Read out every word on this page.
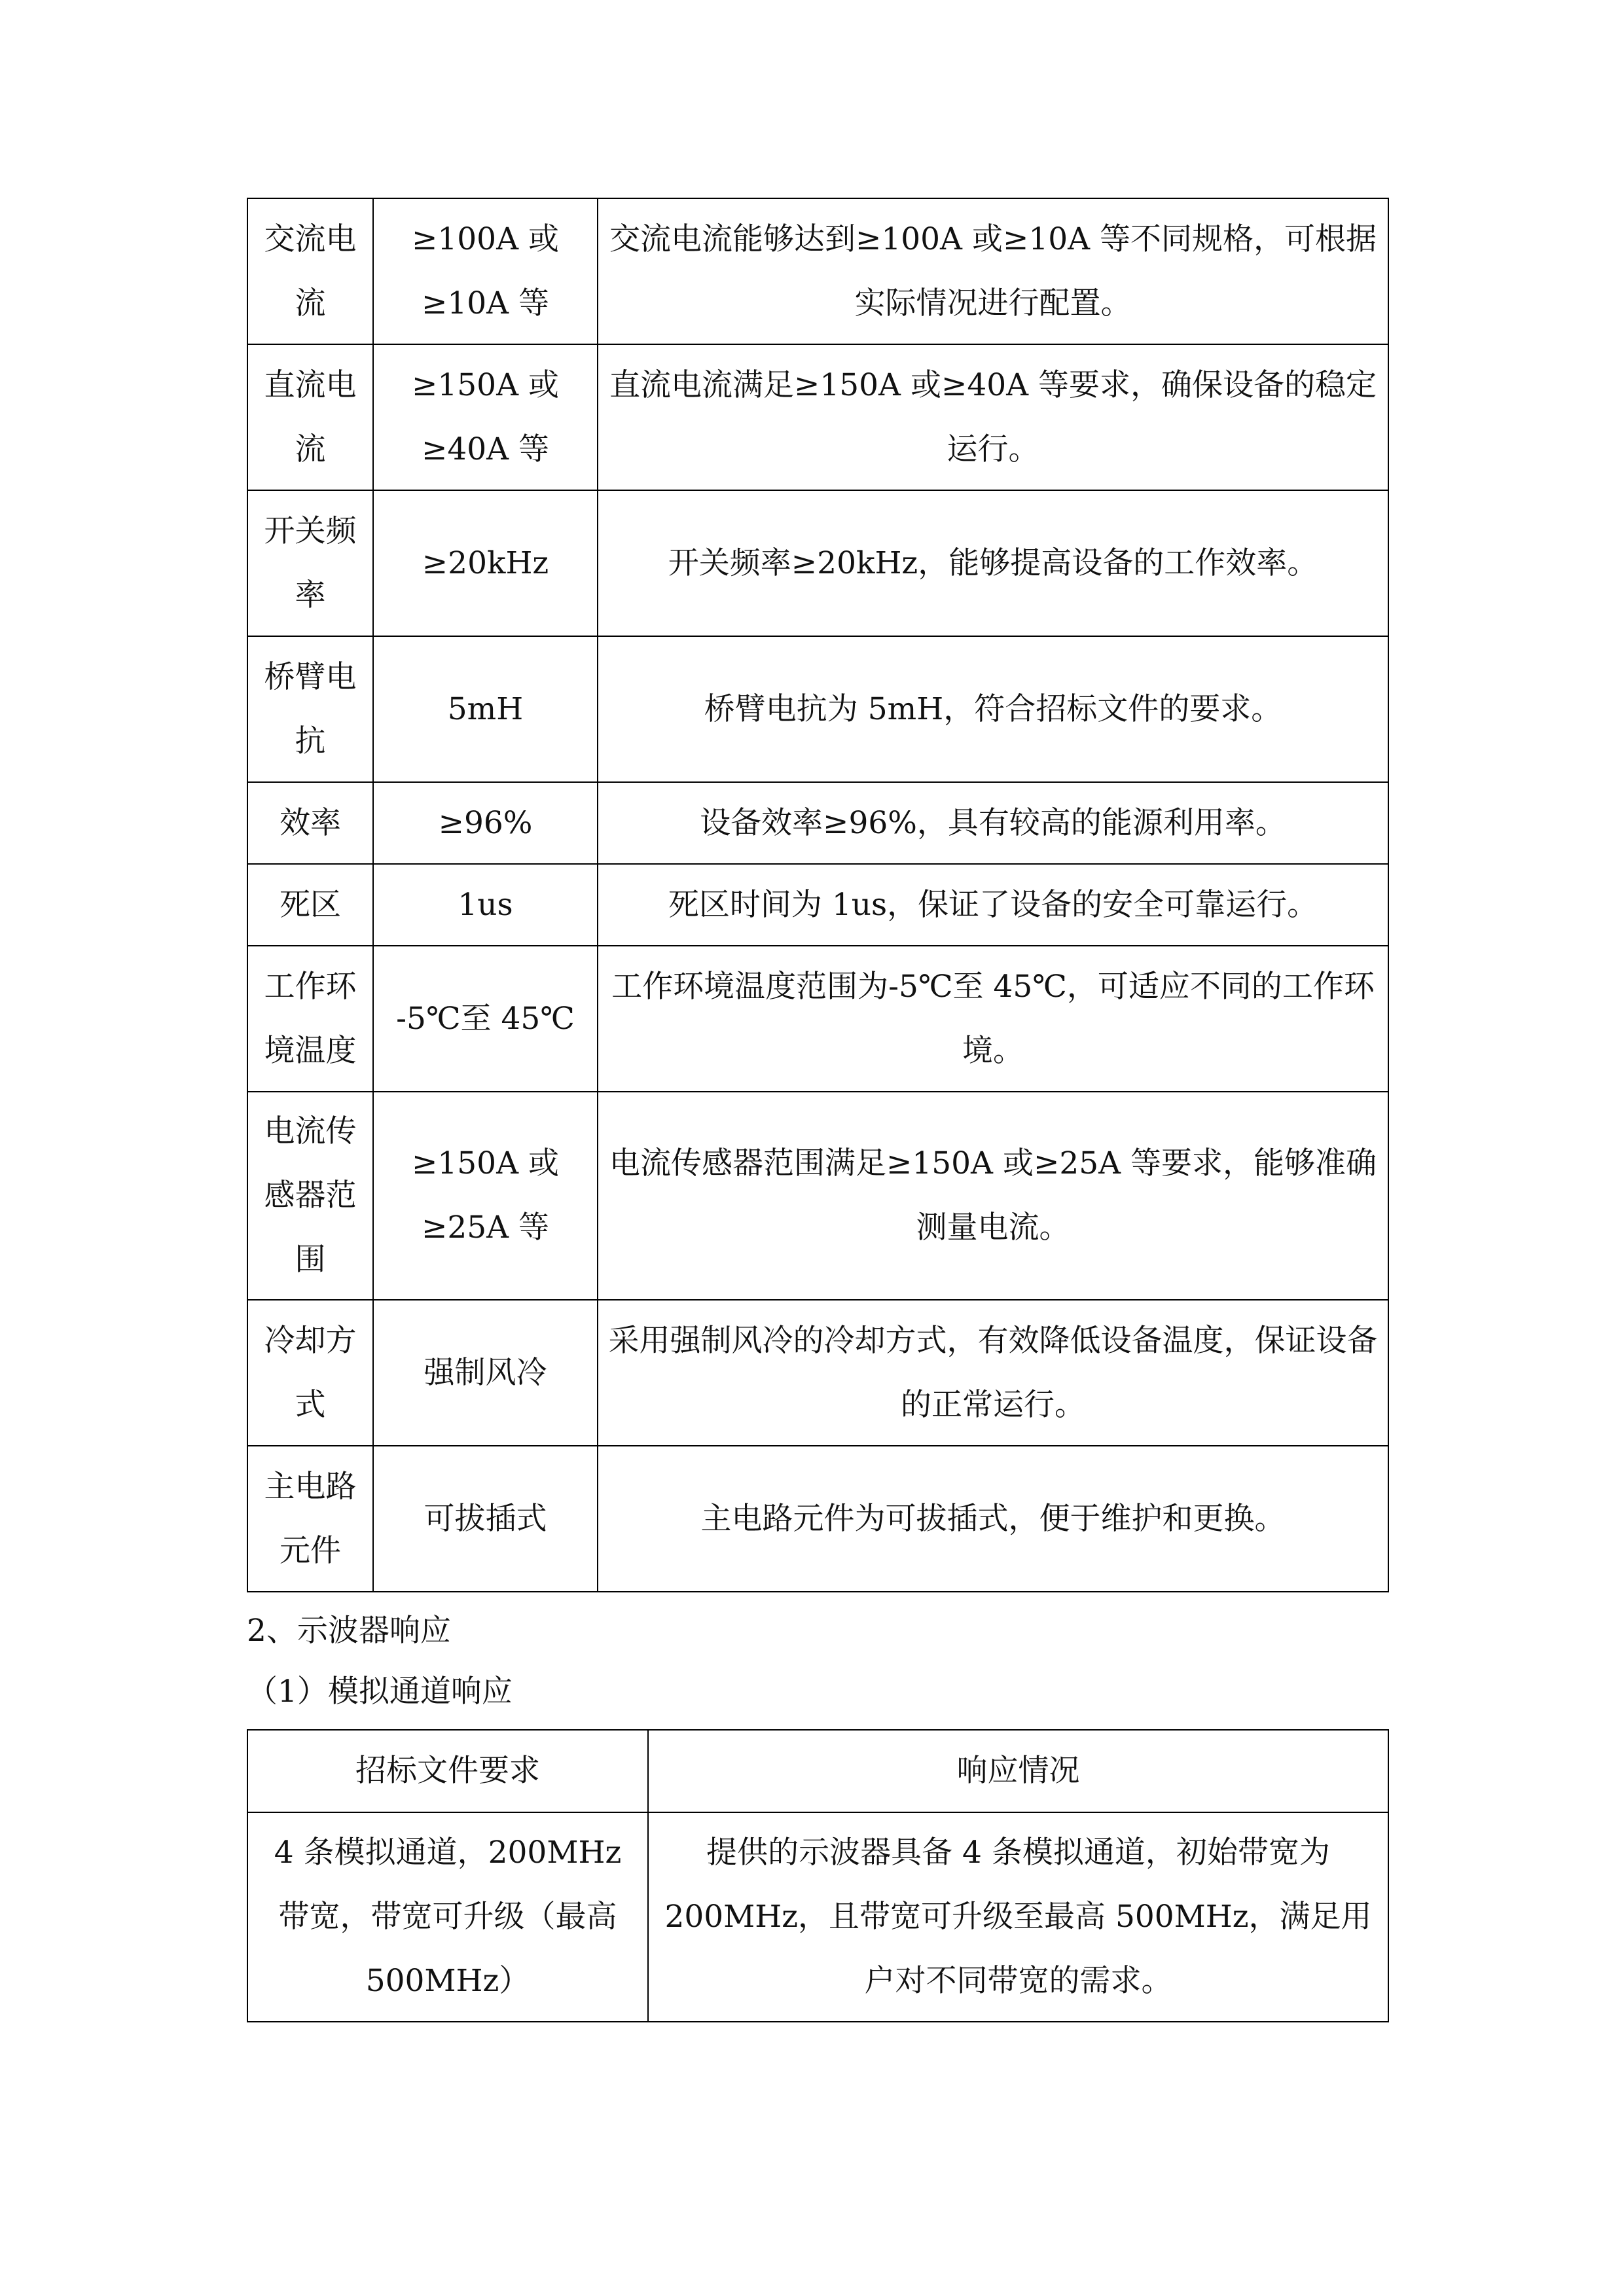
交流电流	≥100A 或≥10A 等	交流电流能够达到≥100A 或≥10A 等不同规格，可根据实际情况进行配置。
直流电流	≥150A 或≥40A 等	直流电流满足≥150A 或≥40A 等要求，确保设备的稳定运行。
开关频率	≥20kHz	开关频率≥20kHz，能够提高设备的工作效率。
桥臂电抗	5mH	桥臂电抗为 5mH，符合招标文件的要求。
效率	≥96%	设备效率≥96%，具有较高的能源利用率。
死区	1us	死区时间为 1us，保证了设备的安全可靠运行。
工作环境温度	-5℃至 45℃	工作环境温度范围为-5℃至 45℃，可适应不同的工作环境。
电流传感器范围	≥150A 或≥25A 等	电流传感器范围满足≥150A 或≥25A 等要求，能够准确测量电流。
冷却方式	强制风冷	采用强制风冷的冷却方式，有效降低设备温度，保证设备的正常运行。
主电路元件	可拔插式	主电路元件为可拔插式，便于维护和更换。
2、示波器响应
（1）模拟通道响应
招标文件要求	响应情况
4 条模拟通道，200MHz 带宽，带宽可升级（最高500MHz）	提供的示波器具备 4 条模拟通道，初始带宽为200MHz，且带宽可升级至最高 500MHz，满足用户对不同带宽的需求。
